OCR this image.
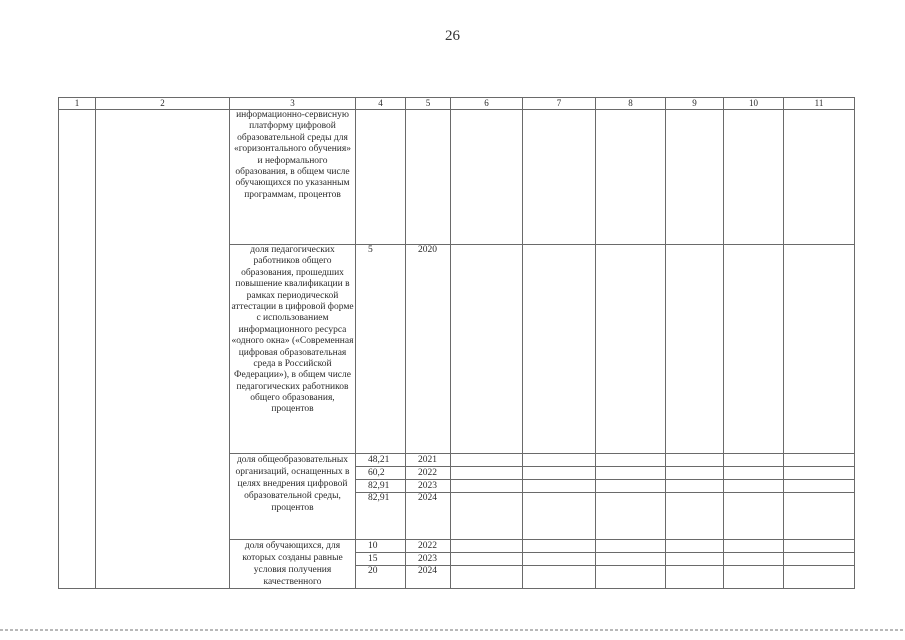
26
1	2	3	4	5	6	7	8	9	10	11
		информационно-сервисную платформу цифровой образовательной среды для «горизонтального обучения» и неформального образования, в общем числе обучающихся по указанным программам, процентов								
		доля педагогических работников общего образования, прошедших повышение квалификации в рамках периодической аттестации в цифровой форме с использованием информационного ресурса «одного окна» («Современная цифровая образовательная среда в Российской Федерации»), в общем числе педагогических работников общего образования, процентов	5	2020						
		доля общеобразовательных организаций, оснащенных в целях внедрения цифровой образовательной среды, процентов	48,21	2021						
			60,2	2022						
			82,91	2023						
			82,91	2024						
		доля обучающихся, для которых созданы равные условия получения качественного	10	2022						
			15	2023						
			20	2024						
